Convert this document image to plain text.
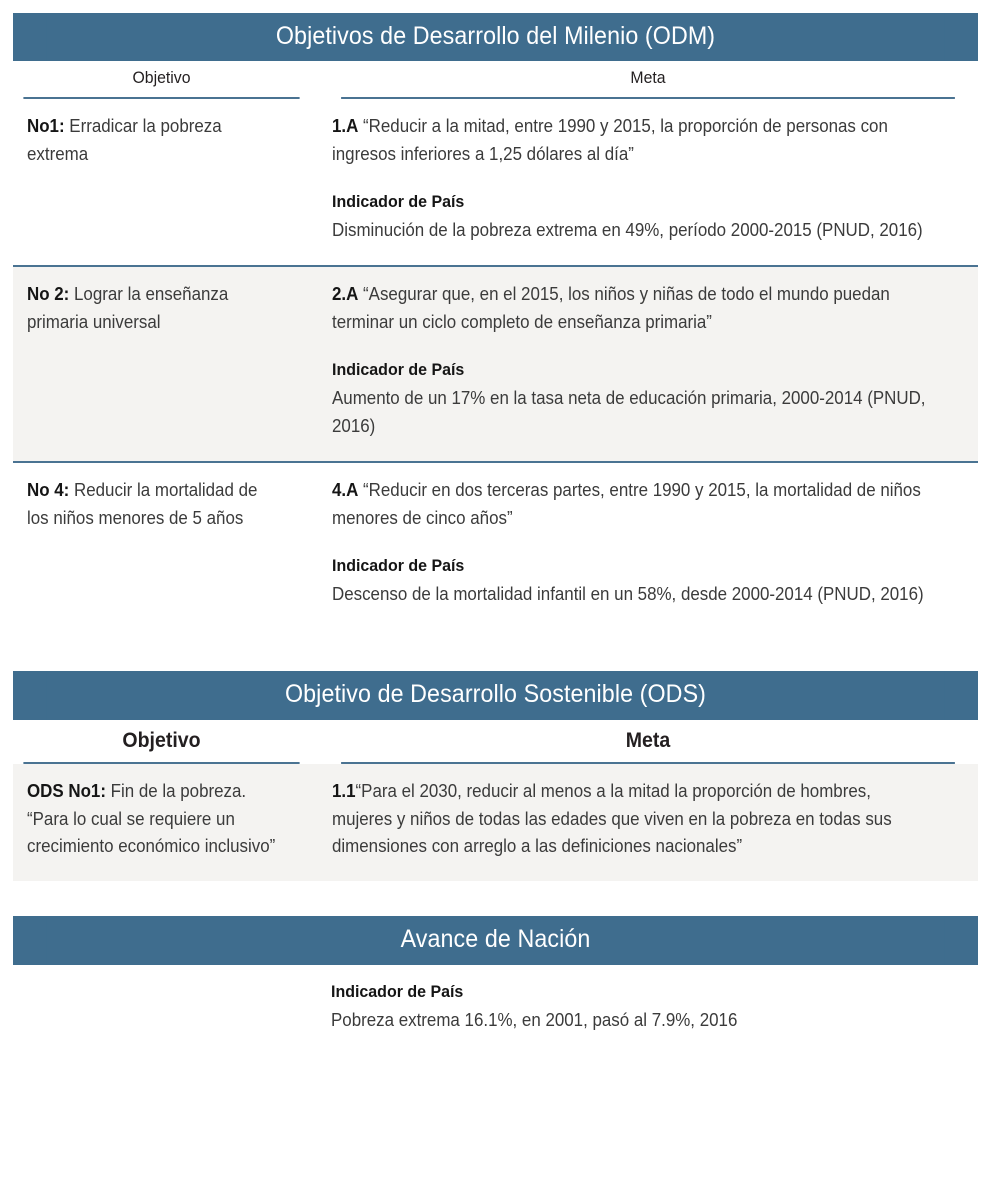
Objetivos de Desarrollo del Milenio (ODM)
Objetivo	Meta
No1: Erradicar la pobreza extrema
1.A “Reducir a la mitad, entre 1990 y 2015, la proporción de personas con ingresos inferiores a 1,25 dólares al día”
Indicador de País
Disminución de la pobreza extrema en 49%, período 2000-2015 (PNUD, 2016)
No 2: Lograr la enseñanza primaria universal
2.A “Asegurar que, en el 2015, los niños y niñas de todo el mundo puedan terminar un ciclo completo de enseñanza primaria”
Indicador de País
Aumento de un 17% en la tasa neta de educación primaria, 2000-2014 (PNUD, 2016)
No 4: Reducir la mortalidad de los niños menores de 5 años
4.A “Reducir en dos terceras partes, entre 1990 y 2015, la mortalidad de niños menores de cinco años”
Indicador de País
Descenso de la mortalidad infantil en un 58%, desde 2000-2014 (PNUD, 2016)
Objetivo de Desarrollo Sostenible (ODS)
Objetivo	Meta
ODS No1: Fin de la pobreza. “Para lo cual se requiere un crecimiento económico inclusivo”
1.1“Para el 2030, reducir al menos a la mitad la proporción de hombres, mujeres y niños de todas las edades que viven en la pobreza en todas sus dimensiones con arreglo a las definiciones nacionales”
Avance de Nación
Indicador de País
Pobreza extrema 16.1%, en 2001, pasó al 7.9%, 2016
